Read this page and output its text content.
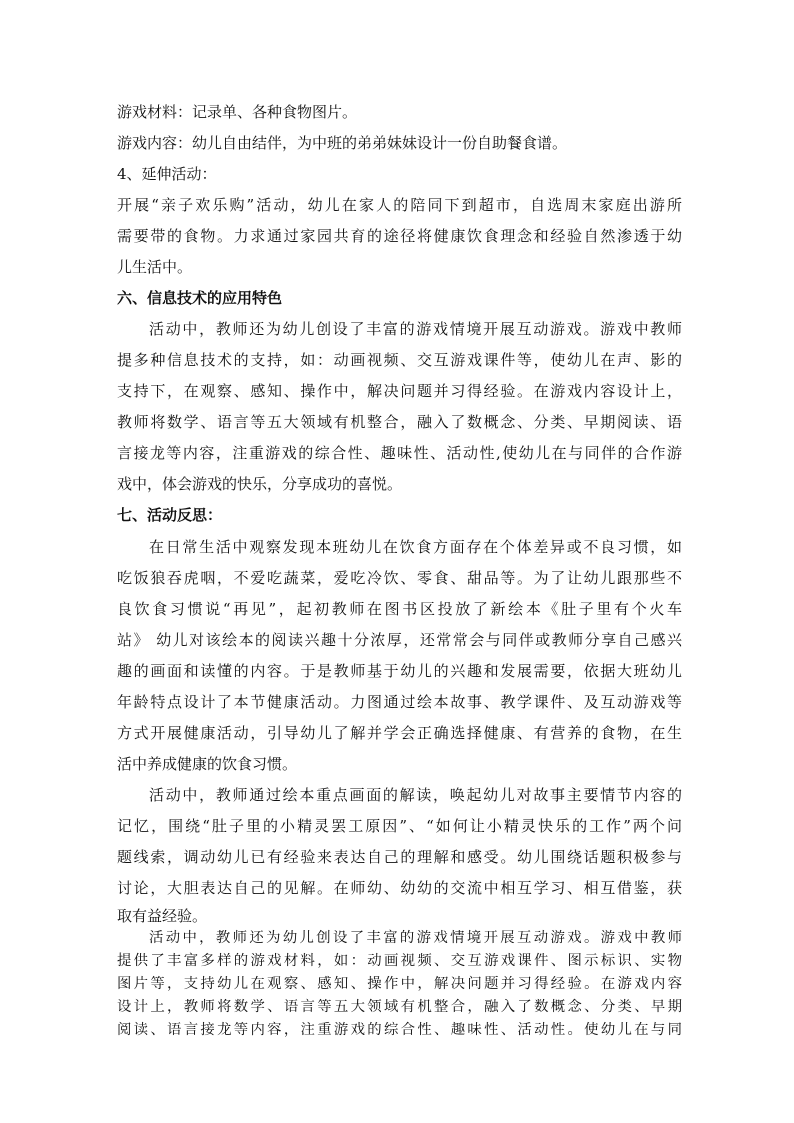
游戏材料：记录单、各种食物图片。
游戏内容：幼儿自由结伴，为中班的弟弟妹妹设计一份自助餐食谱。
4、延伸活动：
开展“亲子欢乐购”活动，幼儿在家人的陪同下到超市，自选周末家庭出游所
需要带的食物。力求通过家园共育的途径将健康饮食理念和经验自然渗透于幼
儿生活中。
六、信息技术的应用特色
活动中，教师还为幼儿创设了丰富的游戏情境开展互动游戏。游戏中教师
提多种信息技术的支持，如：动画视频、交互游戏课件等，使幼儿在声、影的
支持下，在观察、感知、操作中，解决问题并习得经验。在游戏内容设计上，
教师将数学、语言等五大领域有机整合，融入了数概念、分类、早期阅读、语
言接龙等内容，注重游戏的综合性、趣味性、活动性,使幼儿在与同伴的合作游
戏中，体会游戏的快乐，分享成功的喜悦。
七、活动反思：
在日常生活中观察发现本班幼儿在饮食方面存在个体差异或不良习惯，如
吃饭狼吞虎咽，不爱吃蔬菜，爱吃冷饮、零食、甜品等。为了让幼儿跟那些不
良饮食习惯说“再见”，起初教师在图书区投放了新绘本《肚子里有个火车
站》 幼儿对该绘本的阅读兴趣十分浓厚，还常常会与同伴或教师分享自己感兴
趣的画面和读懂的内容。于是教师基于幼儿的兴趣和发展需要，依据大班幼儿
年龄特点设计了本节健康活动。力图通过绘本故事、教学课件、及互动游戏等
方式开展健康活动，引导幼儿了解并学会正确选择健康、有营养的食物，在生
活中养成健康的饮食习惯。
活动中，教师通过绘本重点画面的解读，唤起幼儿对故事主要情节内容的
记忆，围绕“肚子里的小精灵罢工原因”、“如何让小精灵快乐的工作”两个问
题线索，调动幼儿已有经验来表达自己的理解和感受。幼儿围绕话题积极参与
讨论，大胆表达自己的见解。在师幼、幼幼的交流中相互学习、相互借鉴，获
取有益经验。
活动中，教师还为幼儿创设了丰富的游戏情境开展互动游戏。游戏中教师
提供了丰富多样的游戏材料，如：动画视频、交互游戏课件、图示标识、实物
图片等，支持幼儿在观察、感知、操作中，解决问题并习得经验。在游戏内容
设计上，教师将数学、语言等五大领域有机整合，融入了数概念、分类、早期
阅读、语言接龙等内容，注重游戏的综合性、趣味性、活动性。使幼儿在与同
